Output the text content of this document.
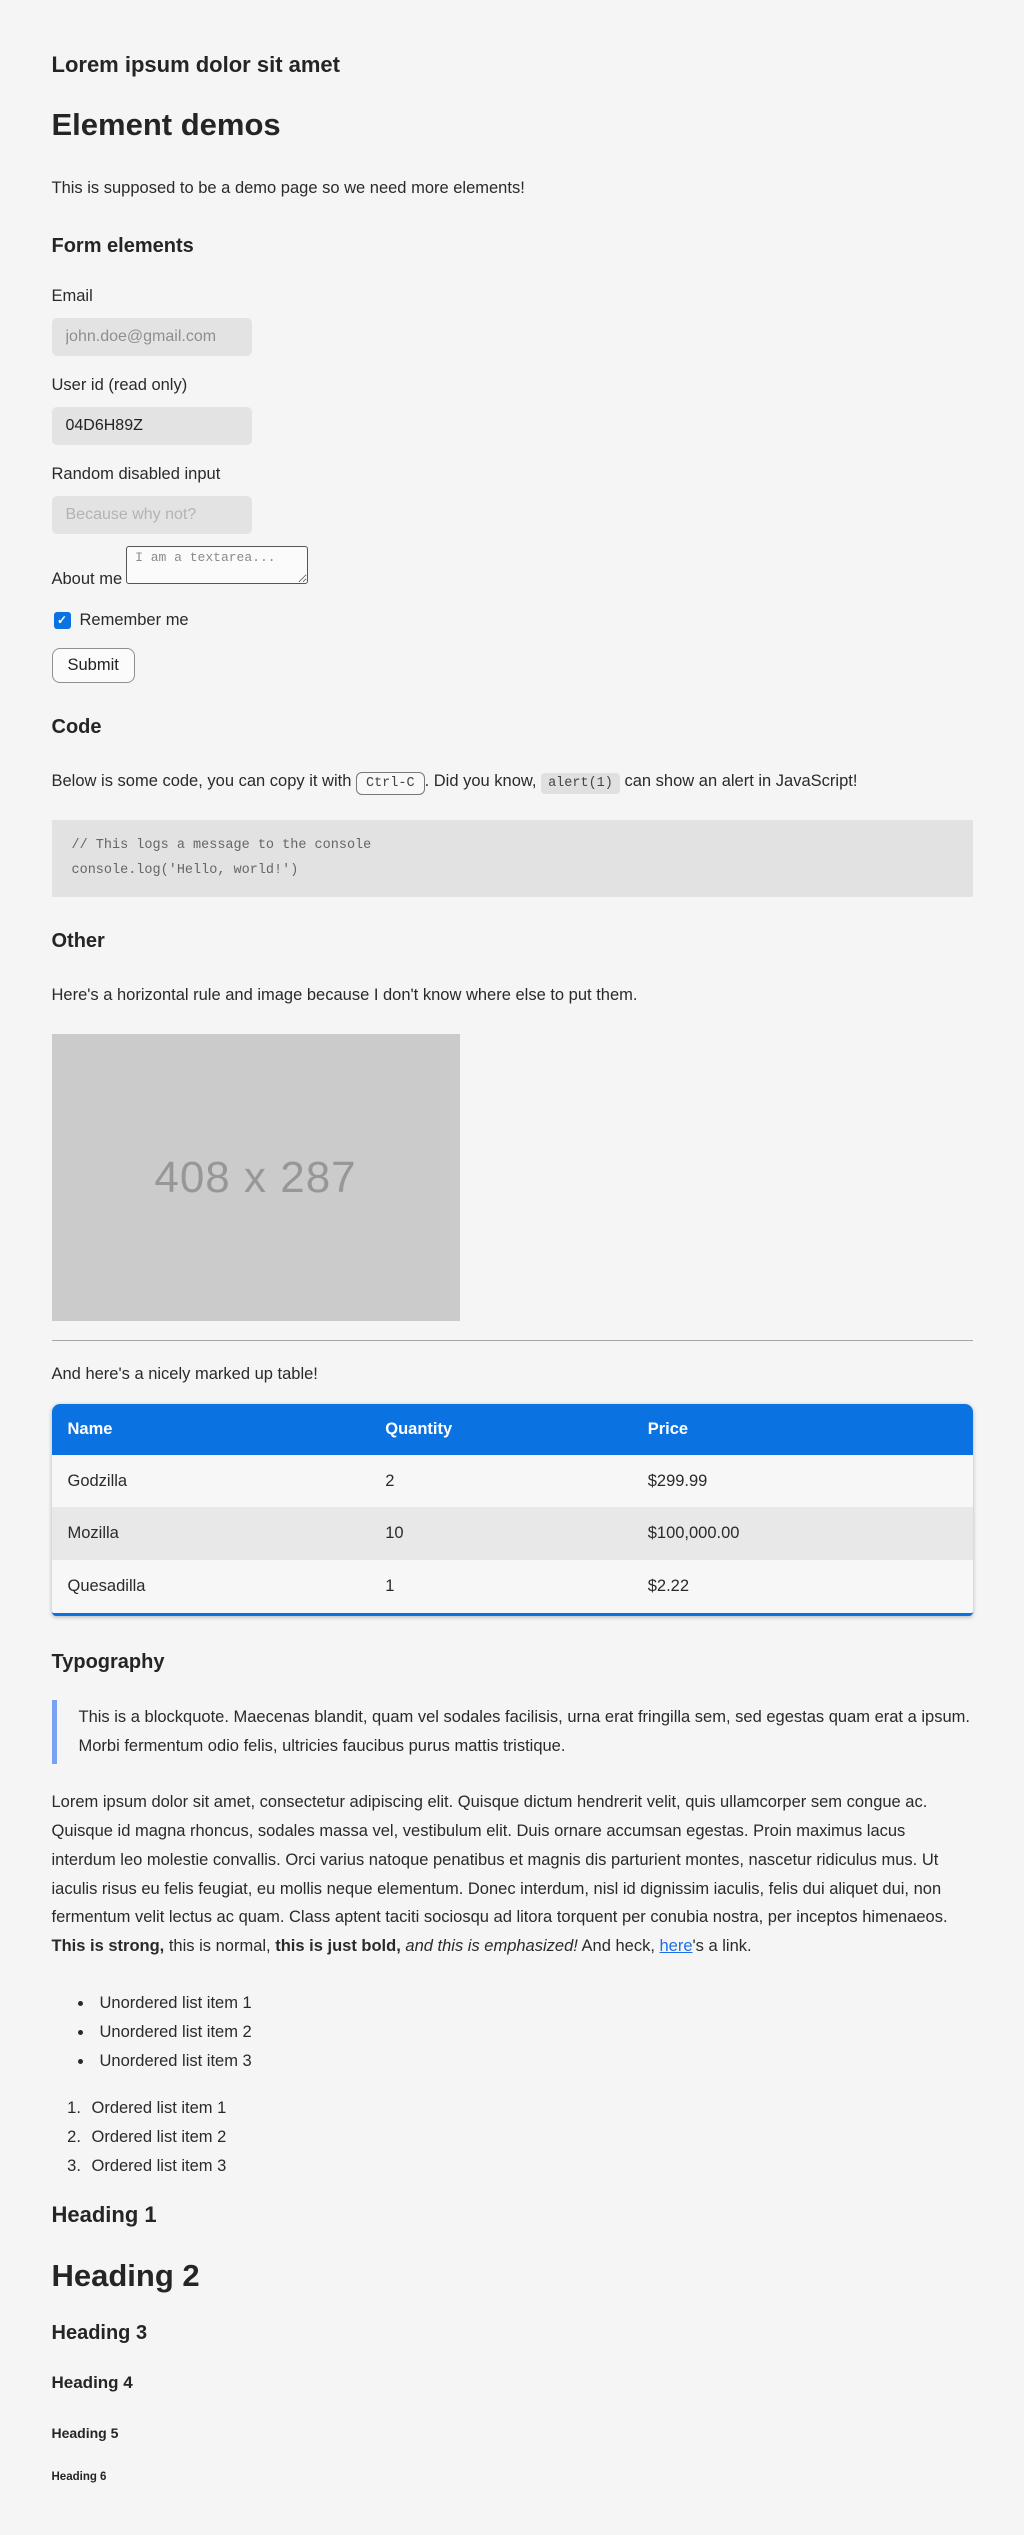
Lorem ipsum dolor sit amet
Element demos

This is supposed to be a demo page so we need more elements!

Form elements
Email
john.doe@gmail.com
User id (read only)
04D6H89Z
Random disabled input
Because why not?
About meI am a textarea...
✓
Remember me
Submit
Code

Below is some code, you can copy it with Ctrl-C . Did you know, alert(1) can show an alert in JavaScript!

// This logs a message to the console
console.log('Hello, world!')
Other

Here's a horizontal rule and image because I don't know where else to put them.

408 x 287

And here's a nicely marked up table!

Name	Quantity	Price
Godzilla	2	$299.99
Mozilla	10	$100,000.00
Quesadilla	1	$2.22
Typography
This is a blockquote. Maecenas blandit, quam vel sodales facilisis, urna erat fringilla sem, sed egestas quam erat a ipsum. Morbi fermentum odio felis, ultricies faucibus purus mattis tristique.

Lorem ipsum dolor sit amet, consectetur adipiscing elit. Quisque dictum hendrerit velit, quis ullamcorper sem congue ac. Quisque id magna rhoncus, sodales massa vel, vestibulum elit. Duis ornare accumsan egestas. Proin maximus lacus interdum leo molestie convallis. Orci varius natoque penatibus et magnis dis parturient montes, nascetur ridiculus mus. Ut iaculis risus eu felis feugiat, eu mollis neque elementum. Donec interdum, nisl id dignissim iaculis, felis dui aliquet dui, non fermentum velit lectus ac quam. Class aptent taciti sociosqu ad litora torquent per conubia nostra, per inceptos himenaeos. This is strong, this is normal, this is just bold, and this is emphasized! And heck, here's a link.

• Unordered list item 1
• Unordered list item 2
• Unordered list item 3
1. Ordered list item 1
2. Ordered list item 2
3. Ordered list item 3
Heading 1
Heading 2
Heading 3
Heading 4
Heading 5
Heading 6
